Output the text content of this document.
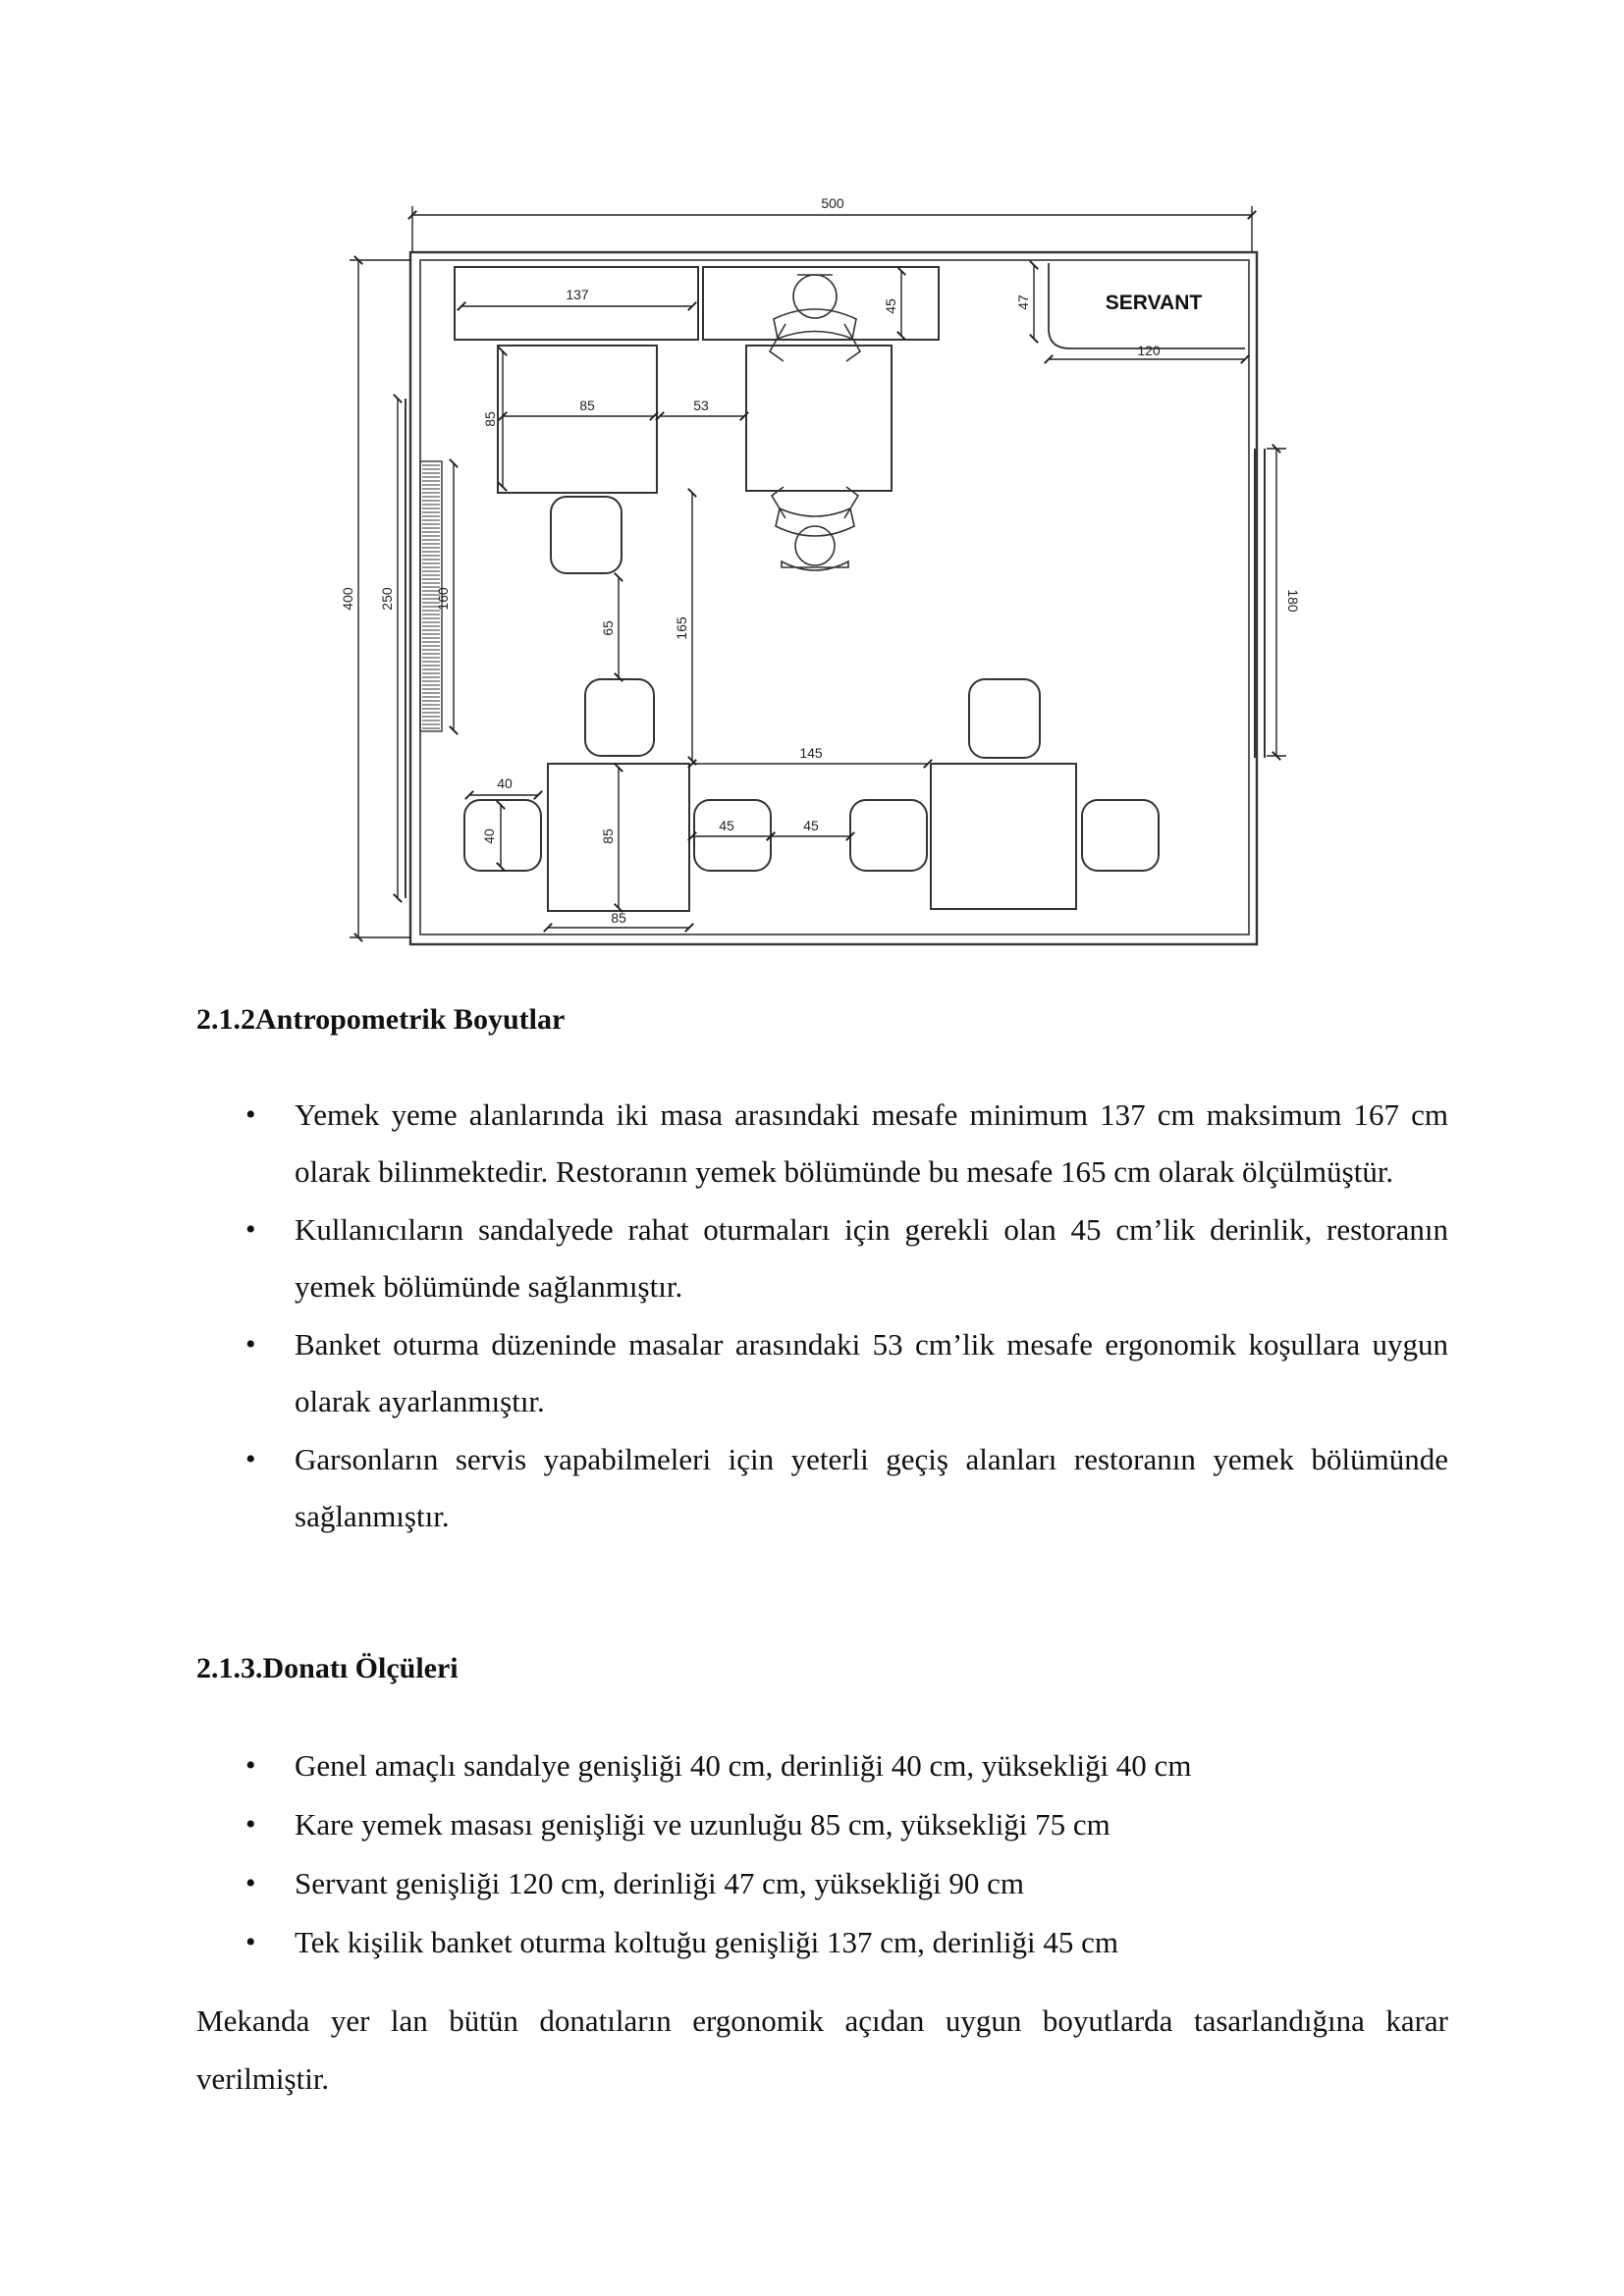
500
400 250	160
137
45	47	SERVANT
120
85
85	53
180
65	165
145
40
40	85
85
45	45
2.1.2Antropometrik Boyutlar
• Yemek yeme alanlarında iki masa arasındaki mesafe minimum 137 cm maksimum 167 cm olarak bilinmektedir. Restoranın yemek bölümünde bu mesafe 165 cm olarak ölçülmüştür.
• Kullanıcıların sandalyede rahat oturmaları için gerekli olan 45 cm’lik derinlik, restoranın yemek bölümünde sağlanmıştır.
• Banket oturma düzeninde masalar arasındaki 53 cm’lik mesafe ergonomik koşullara uygun olarak ayarlanmıştır.
• Garsonların servis yapabilmeleri için yeterli geçiş alanları restoranın yemek bölümünde sağlanmıştır.
2.1.3.Donatı Ölçüleri
• Genel amaçlı sandalye genişliği 40 cm, derinliği 40 cm, yüksekliği 40 cm
• Kare yemek masası genişliği ve uzunluğu 85 cm, yüksekliği 75 cm
• Servant genişliği 120 cm, derinliği 47 cm, yüksekliği 90 cm
• Tek kişilik banket oturma koltuğu genişliği 137 cm, derinliği 45 cm

Mekanda yer lan bütün donatıların ergonomik açıdan uygun boyutlarda tasarlandığına karar verilmiştir.
